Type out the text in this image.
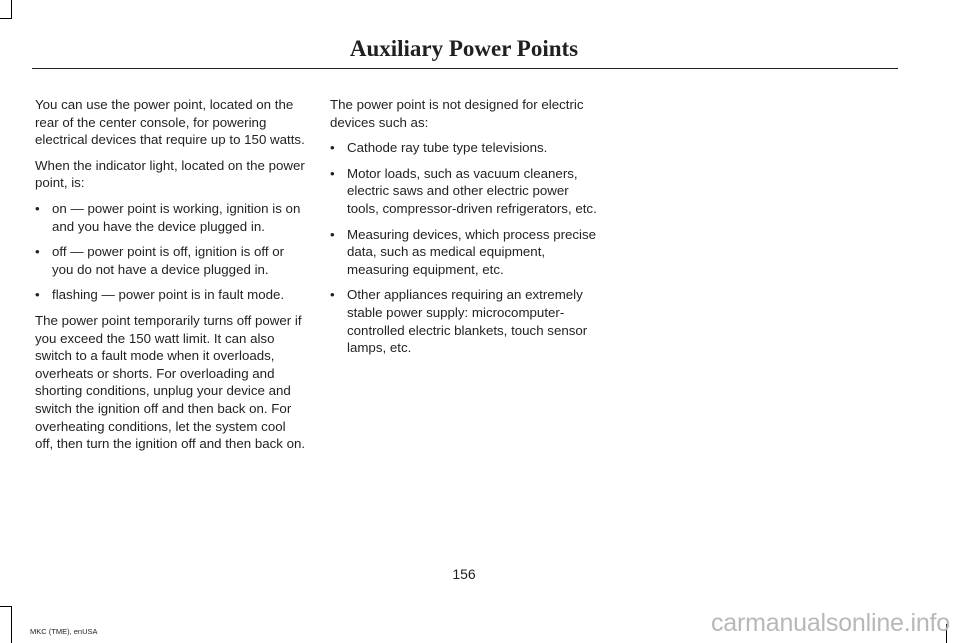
Auxiliary Power Points

You can use the power point, located on the rear of the center console, for powering electrical devices that require up to 150 watts.

When the indicator light, located on the power point, is:

• on — power point is working, ignition is on and you have the device plugged in.
• off — power point is off, ignition is off or you do not have a device plugged in.
• flashing — power point is in fault mode.

The power point temporarily turns off power if you exceed the 150 watt limit. It can also switch to a fault mode when it overloads, overheats or shorts. For overloading and shorting conditions, unplug your device and switch the ignition off and then back on. For overheating conditions, let the system cool off, then turn the ignition off and then back on.

The power point is not designed for electric devices such as:

• Cathode ray tube type televisions.
• Motor loads, such as vacuum cleaners, electric saws and other electric power tools, compressor-driven refrigerators, etc.
• Measuring devices, which process precise data, such as medical equipment, measuring equipment, etc.
• Other appliances requiring an extremely stable power supply: microcomputer-controlled electric blankets, touch sensor lamps, etc.
156
MKC (TME), enUSA	carmanualsonline.info
